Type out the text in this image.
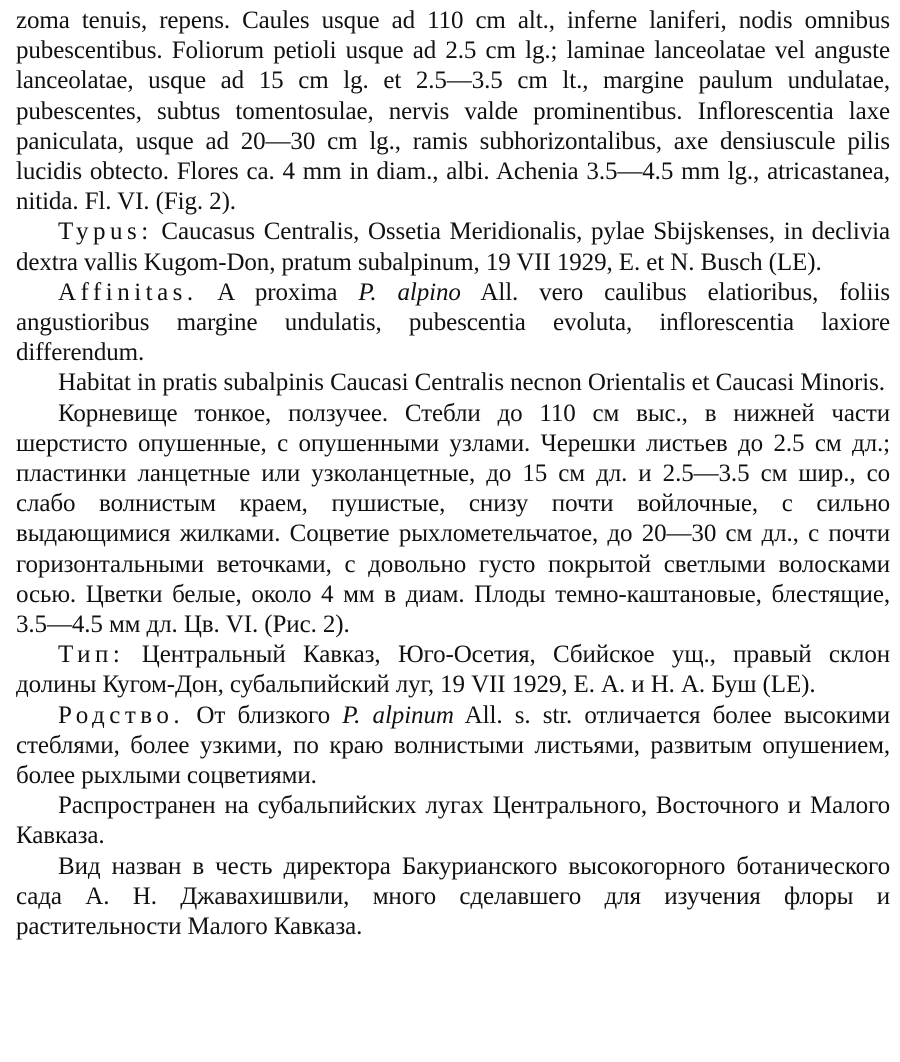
zoma tenuis, repens. Caules usque ad 110 cm alt., inferne laniferi, nodis omnibus pubescentibus. Foliorum petioli usque ad 2.5 cm lg.; laminae lanceolatae vel anguste lanceolatae, usque ad 15 cm lg. et 2.5—3.5 cm lt., margine paulum undulatae, pubescentes, subtus tomentosulae, nervis valde prominentibus. Inflorescentia laxe paniculata, usque ad 20—30 cm lg., ramis subhorizontalibus, axe densiuscule pilis lucidis obtecto. Flores ca. 4 mm in diam., albi. Achenia 3.5—4.5 mm lg., atricastanea, nitida. Fl. VI. (Fig. 2).

Typus: Caucasus Centralis, Ossetia Meridionalis, pylae Sbijskenses, in declivia dextra vallis Kugom-Don, pratum subalpinum, 19 VII 1929, E. et N. Busch (LE).

Affinitas. A proxima P. alpino All. vero caulibus elatioribus, foliis angustioribus margine undulatis, pubescentia evoluta, inflorescentia laxiore differendum.

Habitat in pratis subalpinis Caucasi Centralis necnon Orientalis et Caucasi Minoris.

Корневище тонкое, ползучее. Стебли до 110 см выс., в нижней части шерстисто опушенные, с опушенными узлами. Черешки листьев до 2.5 см дл.; пластинки ланцетные или узколанцетные, до 15 см дл. и 2.5—3.5 см шир., со слабо волнистым краем, пушистые, снизу почти войлочные, с сильно выдающимися жилками. Соцветие рыхлометельчатое, до 20—30 см дл., с почти горизонтальными веточками, с довольно густо покрытой светлыми волосками осью. Цветки белые, около 4 мм в диам. Плоды темно-каштановые, блестящие, 3.5—4.5 мм дл. Цв. VI. (Рис. 2).

Тип: Центральный Кавказ, Юго-Осетия, Сбийское ущ., правый склон долины Кугом-Дон, субальпийский луг, 19 VII 1929, Е. А. и Н. А. Буш (LE).

Родство. От близкого P. alpinum All. s. str. отличается более высокими стеблями, более узкими, по краю волнистыми листьями, развитым опушением, более рыхлыми соцветиями.

Распространен на субальпийских лугах Центрального, Восточного и Малого Кавказа.

Вид назван в честь директора Бакурианского высокогорного ботанического сада А. Н. Джавахишвили, много сделавшего для изучения флоры и растительности Малого Кавказа.
